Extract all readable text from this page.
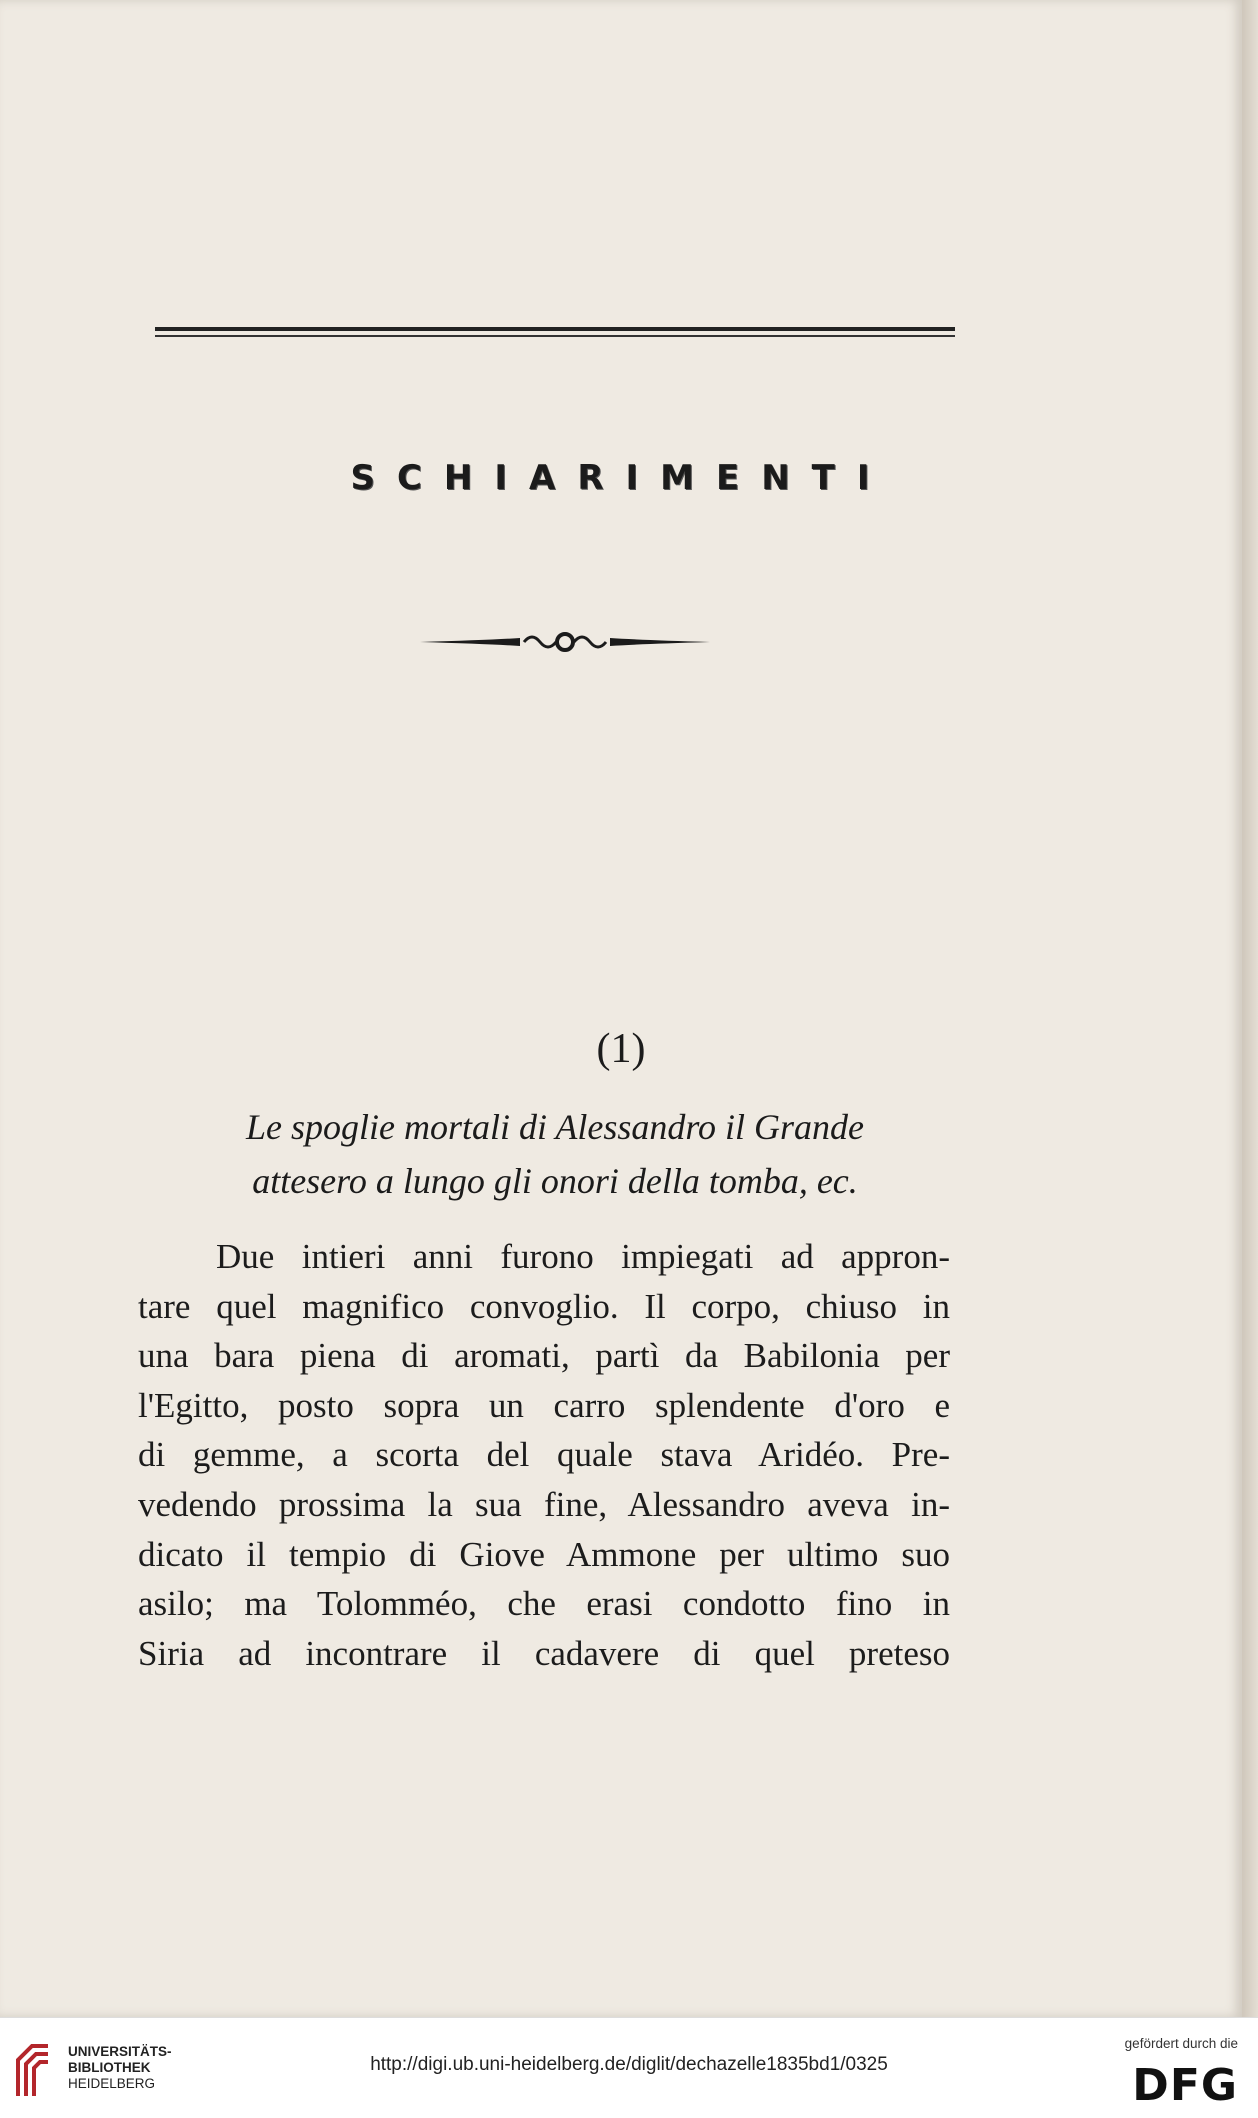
SCHIARIMENTI
(1)
Le spoglie mortali di Alessandro il Grande
attesero a lungo gli onori della tomba, ec.
Due intieri anni furono impiegati ad appron-
tare quel magnifico convoglio. Il corpo, chiuso in
una bara piena di aromati, partì da Babilonia per
l'Egitto, posto sopra un carro splendente d'oro e
di gemme, a scorta del quale stava Aridéo. Pre-
vedendo prossima la sua fine, Alessandro aveva in-
dicato il tempio di Giove Ammone per ultimo suo
asilo; ma Tolomméo, che erasi condotto fino in
Siria ad incontrare il cadavere di quel preteso
UNIVERSITÄTS-
BIBLIOTHEK
HEIDELBERG
http://digi.ub.uni-heidelberg.de/diglit/dechazelle1835bd1/0325
gefördert durch die
DFG
